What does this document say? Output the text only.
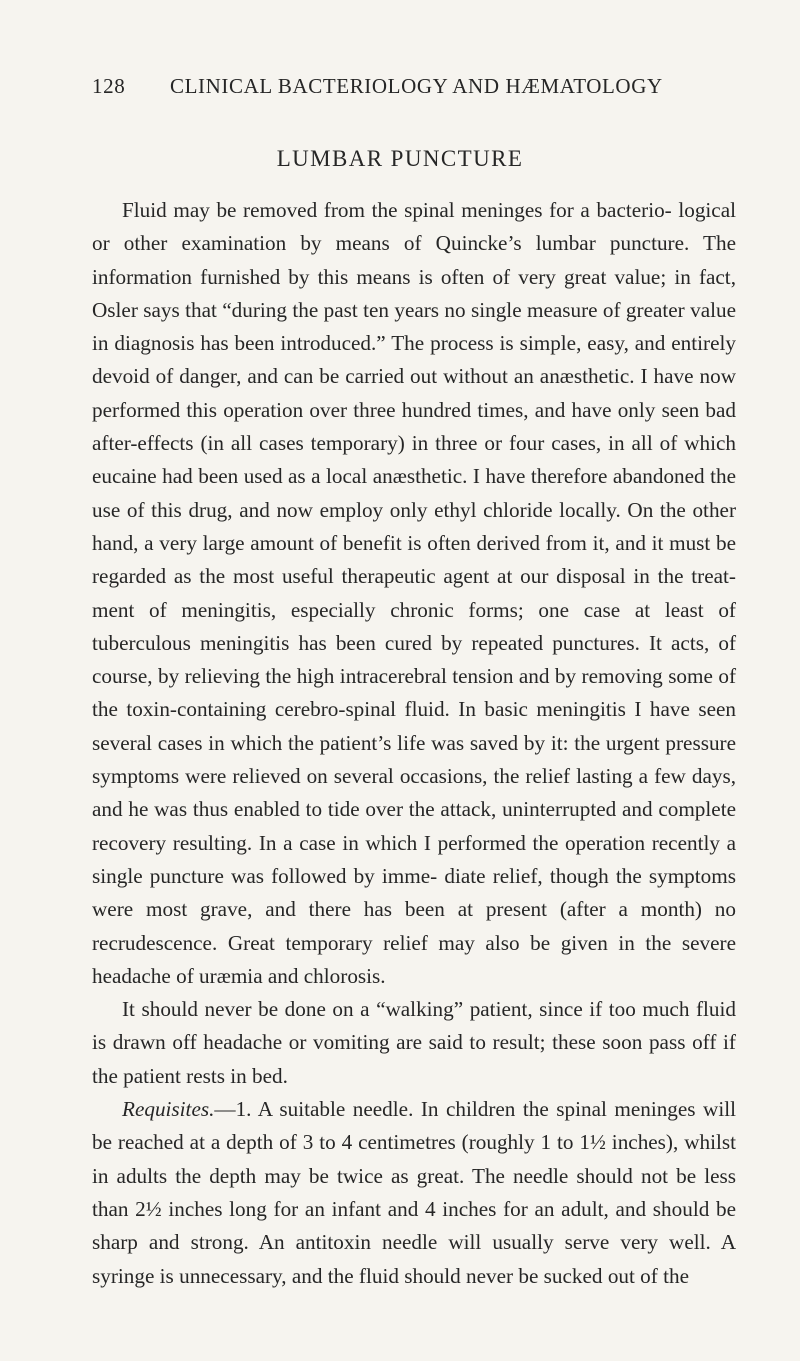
128 CLINICAL BACTERIOLOGY AND HÆMATOLOGY
LUMBAR PUNCTURE

Fluid may be removed from the spinal meninges for a bacterio- logical or other examination by means of Quincke’s lumbar puncture. The information furnished by this means is often of very great value; in fact, Osler says that “during the past ten years no single measure of greater value in diagnosis has been introduced.” The process is simple, easy, and entirely devoid of danger, and can be carried out without an anæsthetic. I have now performed this operation over three hundred times, and have only seen bad after-effects (in all cases temporary) in three or four cases, in all of which eucaine had been used as a local anæsthetic. I have therefore abandoned the use of this drug, and now employ only ethyl chloride locally. On the other hand, a very large amount of benefit is often derived from it, and it must be regarded as the most useful therapeutic agent at our disposal in the treat- ment of meningitis, especially chronic forms; one case at least of tuberculous meningitis has been cured by repeated punctures. It acts, of course, by relieving the high intracerebral tension and by removing some of the toxin-containing cerebro-spinal fluid. In basic meningitis I have seen several cases in which the patient’s life was saved by it: the urgent pressure symptoms were relieved on several occasions, the relief lasting a few days, and he was thus enabled to tide over the attack, uninterrupted and complete recovery resulting. In a case in which I performed the operation recently a single puncture was followed by imme- diate relief, though the symptoms were most grave, and there has been at present (after a month) no recrudescence. Great temporary relief may also be given in the severe headache of uræmia and chlorosis.

It should never be done on a “walking” patient, since if too much fluid is drawn off headache or vomiting are said to result; these soon pass off if the patient rests in bed.

Requisites.—1. A suitable needle. In children the spinal meninges will be reached at a depth of 3 to 4 centimetres (roughly 1 to 1½ inches), whilst in adults the depth may be twice as great. The needle should not be less than 2½ inches long for an infant and 4 inches for an adult, and should be sharp and strong. An antitoxin needle will usually serve very well. A syringe is unnecessary, and the fluid should never be sucked out of the
